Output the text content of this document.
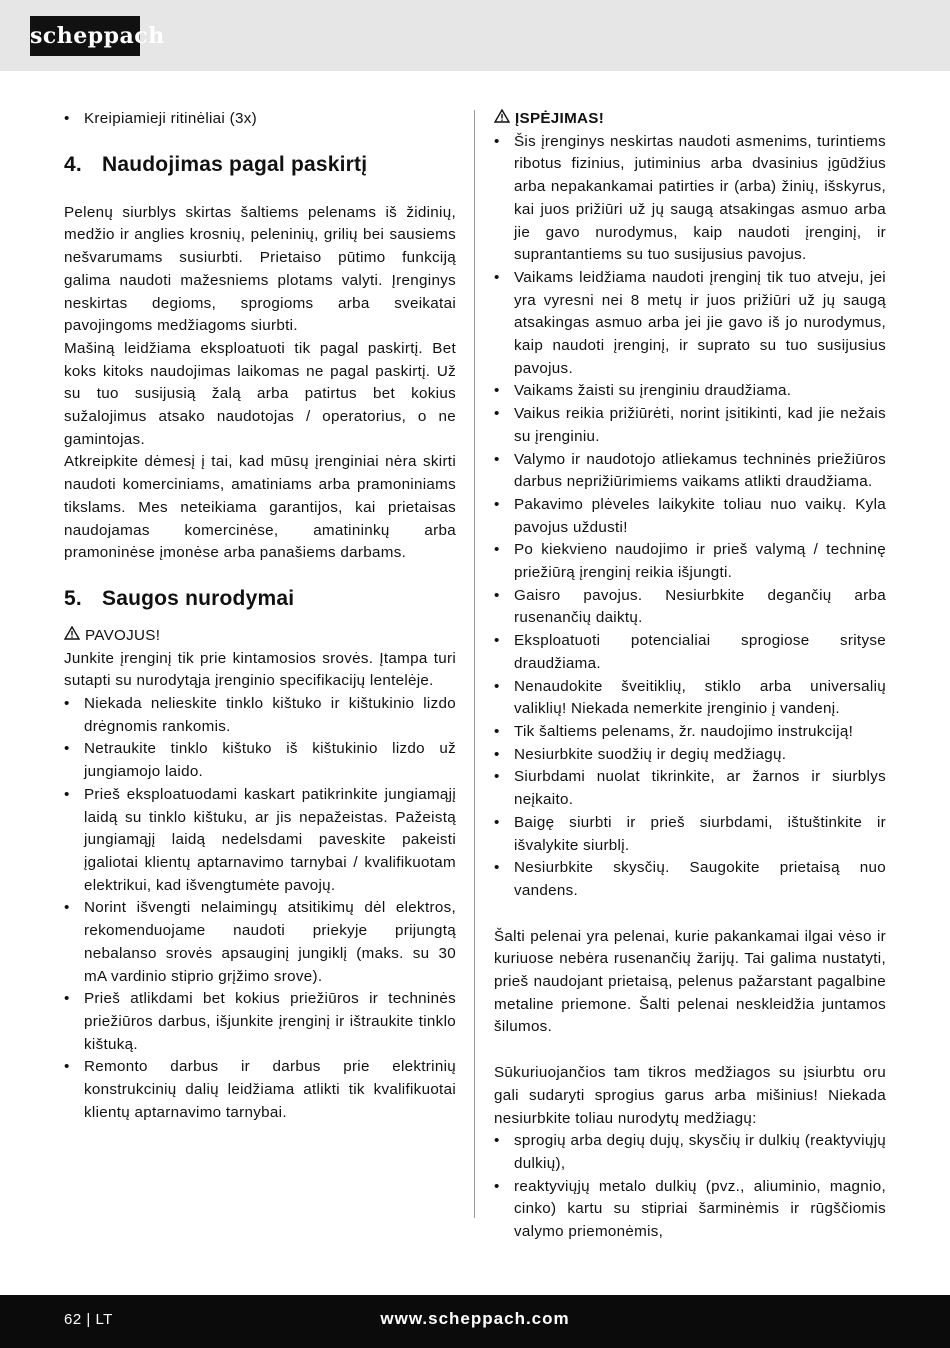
scheppach
• Kreipiamieji ritinėliai (3x)
4. Naudojimas pagal paskirtį

Pelenų siurblys skirtas šaltiems pelenams iš židinių, medžio ir anglies krosnių, peleninių, grilių bei sausiems nešvarumams susiurbti. Prietaiso pūtimo funkciją galima naudoti mažesniems plotams valyti. Įrenginys neskirtas degioms, sprogioms arba sveikatai pavojingoms medžiagoms siurbti.

Mašiną leidžiama eksploatuoti tik pagal paskirtį. Bet koks kitoks naudojimas laikomas ne pagal paskirtį. Už su tuo susijusią žalą arba patirtus bet kokius sužalojimus atsako naudotojas / operatorius, o ne gamintojas.

Atkreipkite dėmesį į tai, kad mūsų įrenginiai nėra skirti naudoti komerciniams, amatiniams arba pramoniniams tikslams. Mes neteikiama garantijos, kai prietaisas naudojamas komercinėse, amatininkų arba pramoninėse įmonėse arba panašiems darbams.

5. Saugos nurodymai
PAVOJUS!

Junkite įrenginį tik prie kintamosios srovės. Įtampa turi sutapti su nurodytąja įrenginio specifikacijų lentelėje.

• Niekada nelieskite tinklo kištuko ir kištukinio lizdo drėgnomis rankomis.
• Netraukite tinklo kištuko iš kištukinio lizdo už jungiamojo laido.
• Prieš eksploatuodami kaskart patikrinkite jungiamąjį laidą su tinklo kištuku, ar jis nepažeistas. Pažeistą jungiamąjį laidą nedelsdami paveskite pakeisti įgaliotai klientų aptarnavimo tarnybai / kvalifikuotam elektrikui, kad išvengtumėte pavojų.
• Norint išvengti nelaimingų atsitikimų dėl elektros, rekomenduojame naudoti priekyje prijungtą nebalanso srovės apsauginį jungiklį (maks. su 30 mA vardinio stiprio grįžimo srove).
• Prieš atlikdami bet kokius priežiūros ir techninės priežiūros darbus, išjunkite įrenginį ir ištraukite tinklo kištuką.
• Remonto darbus ir darbus prie elektrinių konstrukcinių dalių leidžiama atlikti tik kvalifikuotai klientų aptarnavimo tarnybai.
ĮSPĖJIMAS!
• Šis įrenginys neskirtas naudoti asmenims, turintiems ribotus fizinius, jutiminius arba dvasinius įgūdžius arba nepakankamai patirties ir (arba) žinių, išskyrus, kai juos prižiūri už jų saugą atsakingas asmuo arba jie gavo nurodymus, kaip naudoti įrenginį, ir suprantantiems su tuo susijusius pavojus.
• Vaikams leidžiama naudoti įrenginį tik tuo atveju, jei yra vyresni nei 8 metų ir juos prižiūri už jų saugą atsakingas asmuo arba jei jie gavo iš jo nurodymus, kaip naudoti įrenginį, ir suprato su tuo susijusius pavojus.
• Vaikams žaisti su įrenginiu draudžiama.
• Vaikus reikia prižiūrėti, norint įsitikinti, kad jie nežais su įrenginiu.
• Valymo ir naudotojo atliekamus techninės priežiūros darbus neprižiūrimiems vaikams atlikti draudžiama.
• Pakavimo plėveles laikykite toliau nuo vaikų. Kyla pavojus uždusti!
• Po kiekvieno naudojimo ir prieš valymą / techninę priežiūrą įrenginį reikia išjungti.
• Gaisro pavojus. Nesiurbkite degančių arba rusenančių daiktų.
• Eksploatuoti potencialiai sprogiose srityse draudžiama.
• Nenaudokite šveitiklių, stiklo arba universalių valiklių! Niekada nemerkite įrenginio į vandenį.
• Tik šaltiems pelenams, žr. naudojimo instrukciją!
• Nesiurbkite suodžių ir degių medžiagų.
• Siurbdami nuolat tikrinkite, ar žarnos ir siurblys neįkaito.
• Baigę siurbti ir prieš siurbdami, ištuštinkite ir išvalykite siurblį.
• Nesiurbkite skysčių. Saugokite prietaisą nuo vandens.

Šalti pelenai yra pelenai, kurie pakankamai ilgai vėso ir kuriuose nebėra rusenančių žarijų. Tai galima nustatyti, prieš naudojant prietaisą, pelenus pažarstant pagalbine metaline priemone. Šalti pelenai neskleidžia juntamos šilumos.

Sūkuriuojančios tam tikros medžiagos su įsiurbtu oru gali sudaryti sprogius garus arba mišinius! Niekada nesiurbkite toliau nurodytų medžiagų:

• sprogių arba degių dujų, skysčių ir dulkių (reaktyviųjų dulkių),
• reaktyviųjų metalo dulkių (pvz., aliuminio, magnio, cinko) kartu su stipriai šarminėmis ir rūgščiomis valymo priemonėmis,
62 | LT	www.scheppach.com
